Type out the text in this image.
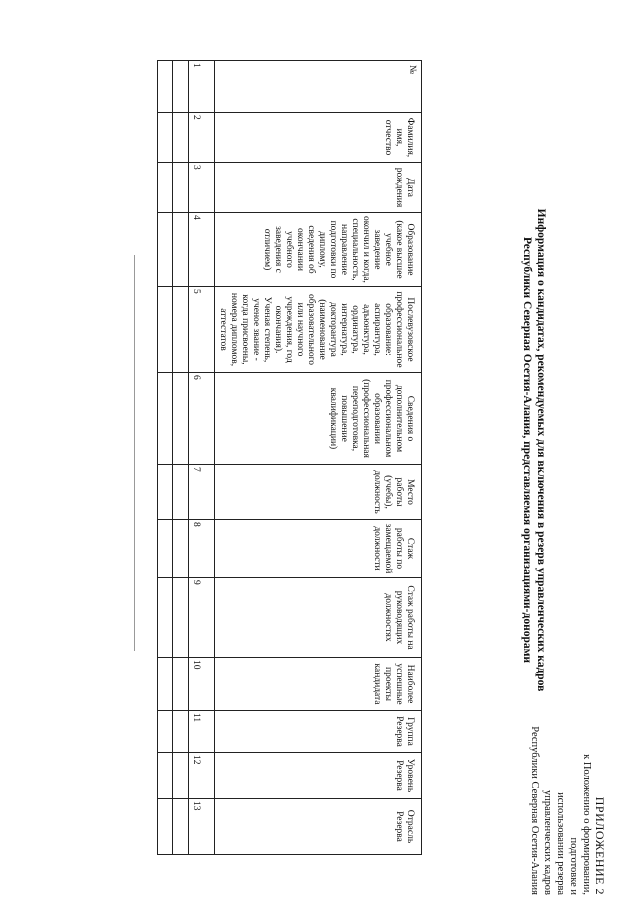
ПРИЛОЖЕНИЕ 2
к Положению о формировании, подготовке и
использовании резерва управленческих кадров
Республики Северная Осетия-Алания
Информация о кандидатах, рекомендуемых для включения в резерв управленческих кадров
Республики Северная Осетия-Алания, представляемая организациями-донорами
№	Фамилия, имя, отчество	Дата рождения	Образование (какое высшее учебное заведение окончил и когда, специальность, направление подготовки по диплому, сведения об окончании учебного заведения с отличием)	Послевузовское профессиональное образование: аспирантура, адъюнктура, ординатура, интернатура, докторантура (наименование образовательного или научного учреждения, год окончания). Ученая степень, ученое звание - когда присвоены, номера дипломов, аттестатов	Сведения о дополнительном профессиональном образовании (профессиональная переподготовка, повышение квалификации)	Место работы (учебы), должность	Стаж работы по замещаемой должности	Стаж работы на руководящих должностях	Наиболее успешные проекты кандидата	Группа Резерва	Уровень Резерва	Отрасль Резерва
1	2	3	4	5	6	7	8	9	10	11	12	13
